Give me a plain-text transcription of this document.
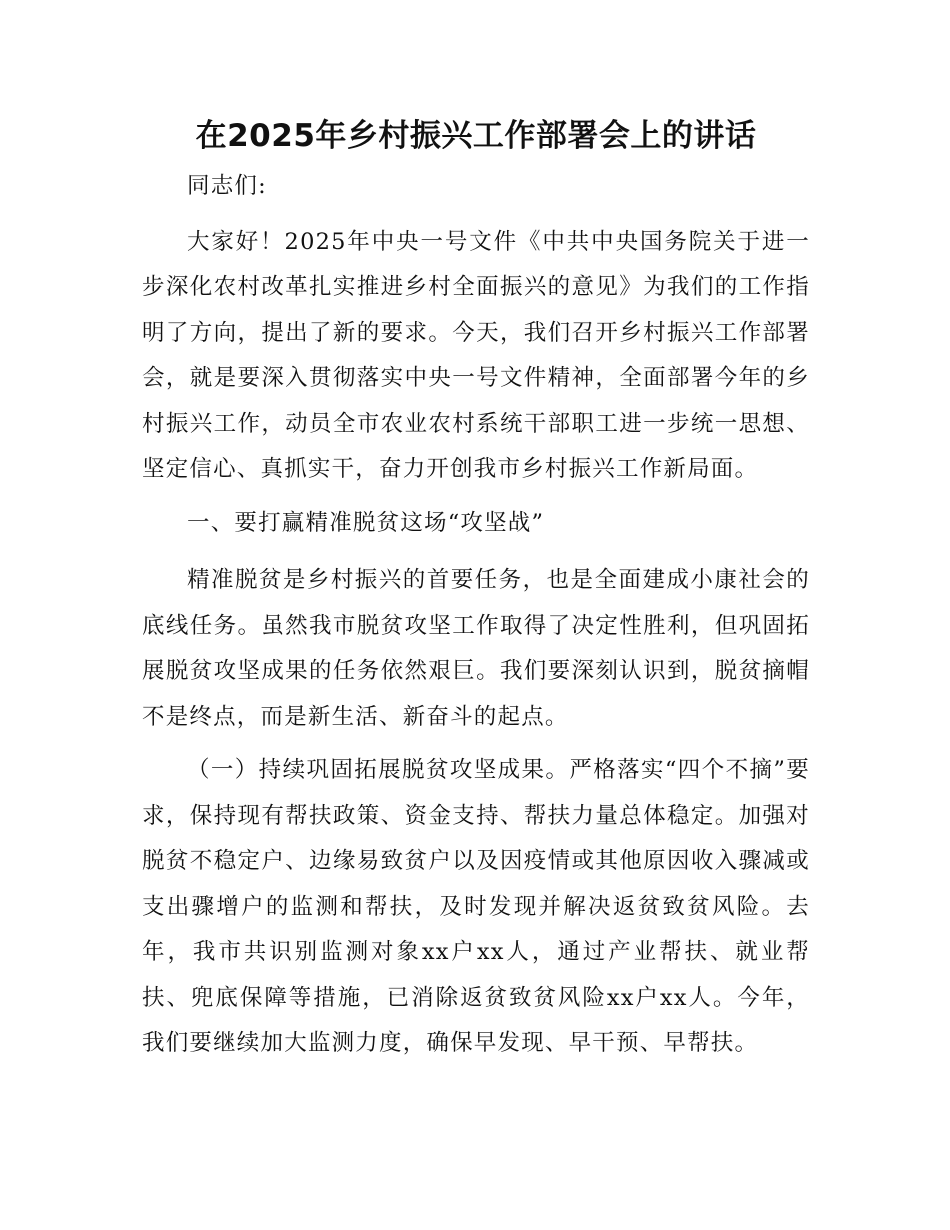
在2025年乡村振兴工作部署会上的讲话

同志们:

大家好！2025年中央一号文件《中共中央国务院关于进一步深化农村改革扎实推进乡村全面振兴的意见》为我们的工作指明了方向，提出了新的要求。今天，我们召开乡村振兴工作部署会，就是要深入贯彻落实中央一号文件精神，全面部署今年的乡村振兴工作，动员全市农业农村系统干部职工进一步统一思想、坚定信心、真抓实干，奋力开创我市乡村振兴工作新局面。

一、要打赢精准脱贫这场“攻坚战”

精准脱贫是乡村振兴的首要任务，也是全面建成小康社会的底线任务。虽然我市脱贫攻坚工作取得了决定性胜利，但巩固拓展脱贫攻坚成果的任务依然艰巨。我们要深刻认识到，脱贫摘帽不是终点，而是新生活、新奋斗的起点。

（一）持续巩固拓展脱贫攻坚成果。严格落实“四个不摘”要求，保持现有帮扶政策、资金支持、帮扶力量总体稳定。加强对脱贫不稳定户、边缘易致贫户以及因疫情或其他原因收入骤减或支出骤增户的监测和帮扶，及时发现并解决返贫致贫风险。去年，我市共识别监测对象xx户xx人，通过产业帮扶、就业帮扶、兜底保障等措施，已消除返贫致贫风险xx户xx人。今年，我们要继续加大监测力度，确保早发现、早干预、早帮扶。
